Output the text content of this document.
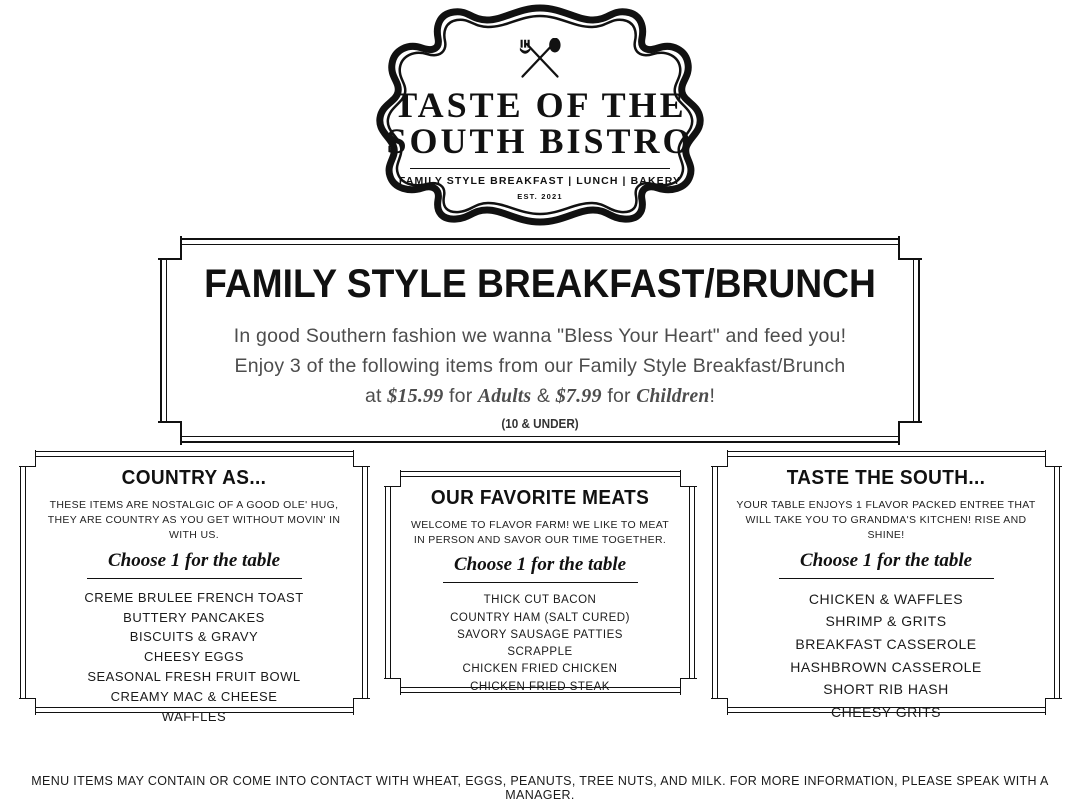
TASTE OF THE
SOUTH BISTRO
FAMILY STYLE BREAKFAST | LUNCH | BAKERY
EST. 2021
FAMILY STYLE BREAKFAST/BRUNCH
In good Southern fashion we wanna "Bless Your Heart" and feed you!
Enjoy 3 of the following items from our Family Style Breakfast/Brunch
at $15.99 for Adults & $7.99 for Children!
(10 & UNDER)
COUNTRY AS...
THESE ITEMS ARE NOSTALGIC OF A GOOD OLE' HUG, THEY ARE COUNTRY AS YOU GET WITHOUT MOVIN' IN WITH US.
Choose 1 for the table
CREME BRULEE FRENCH TOAST
BUTTERY PANCAKES
BISCUITS & GRAVY
CHEESY EGGS
SEASONAL FRESH FRUIT BOWL
CREAMY MAC & CHEESE
WAFFLES
OUR FAVORITE MEATS
WELCOME TO FLAVOR FARM! WE LIKE TO MEAT IN PERSON AND SAVOR OUR TIME TOGETHER.
Choose 1 for the table
THICK CUT BACON
COUNTRY HAM (SALT CURED)
SAVORY SAUSAGE PATTIES
SCRAPPLE
CHICKEN FRIED CHICKEN
CHICKEN FRIED STEAK
TASTE THE SOUTH...
YOUR TABLE ENJOYS 1 FLAVOR PACKED ENTREE THAT WILL TAKE YOU TO GRANDMA'S KITCHEN! RISE AND SHINE!
Choose 1 for the table
CHICKEN & WAFFLES
SHRIMP & GRITS
BREAKFAST CASSEROLE
HASHBROWN CASSEROLE
SHORT RIB HASH
CHEESY GRITS
MENU ITEMS MAY CONTAIN OR COME INTO CONTACT WITH WHEAT, EGGS, PEANUTS, TREE NUTS, AND MILK. FOR MORE INFORMATION, PLEASE SPEAK WITH A MANAGER.
